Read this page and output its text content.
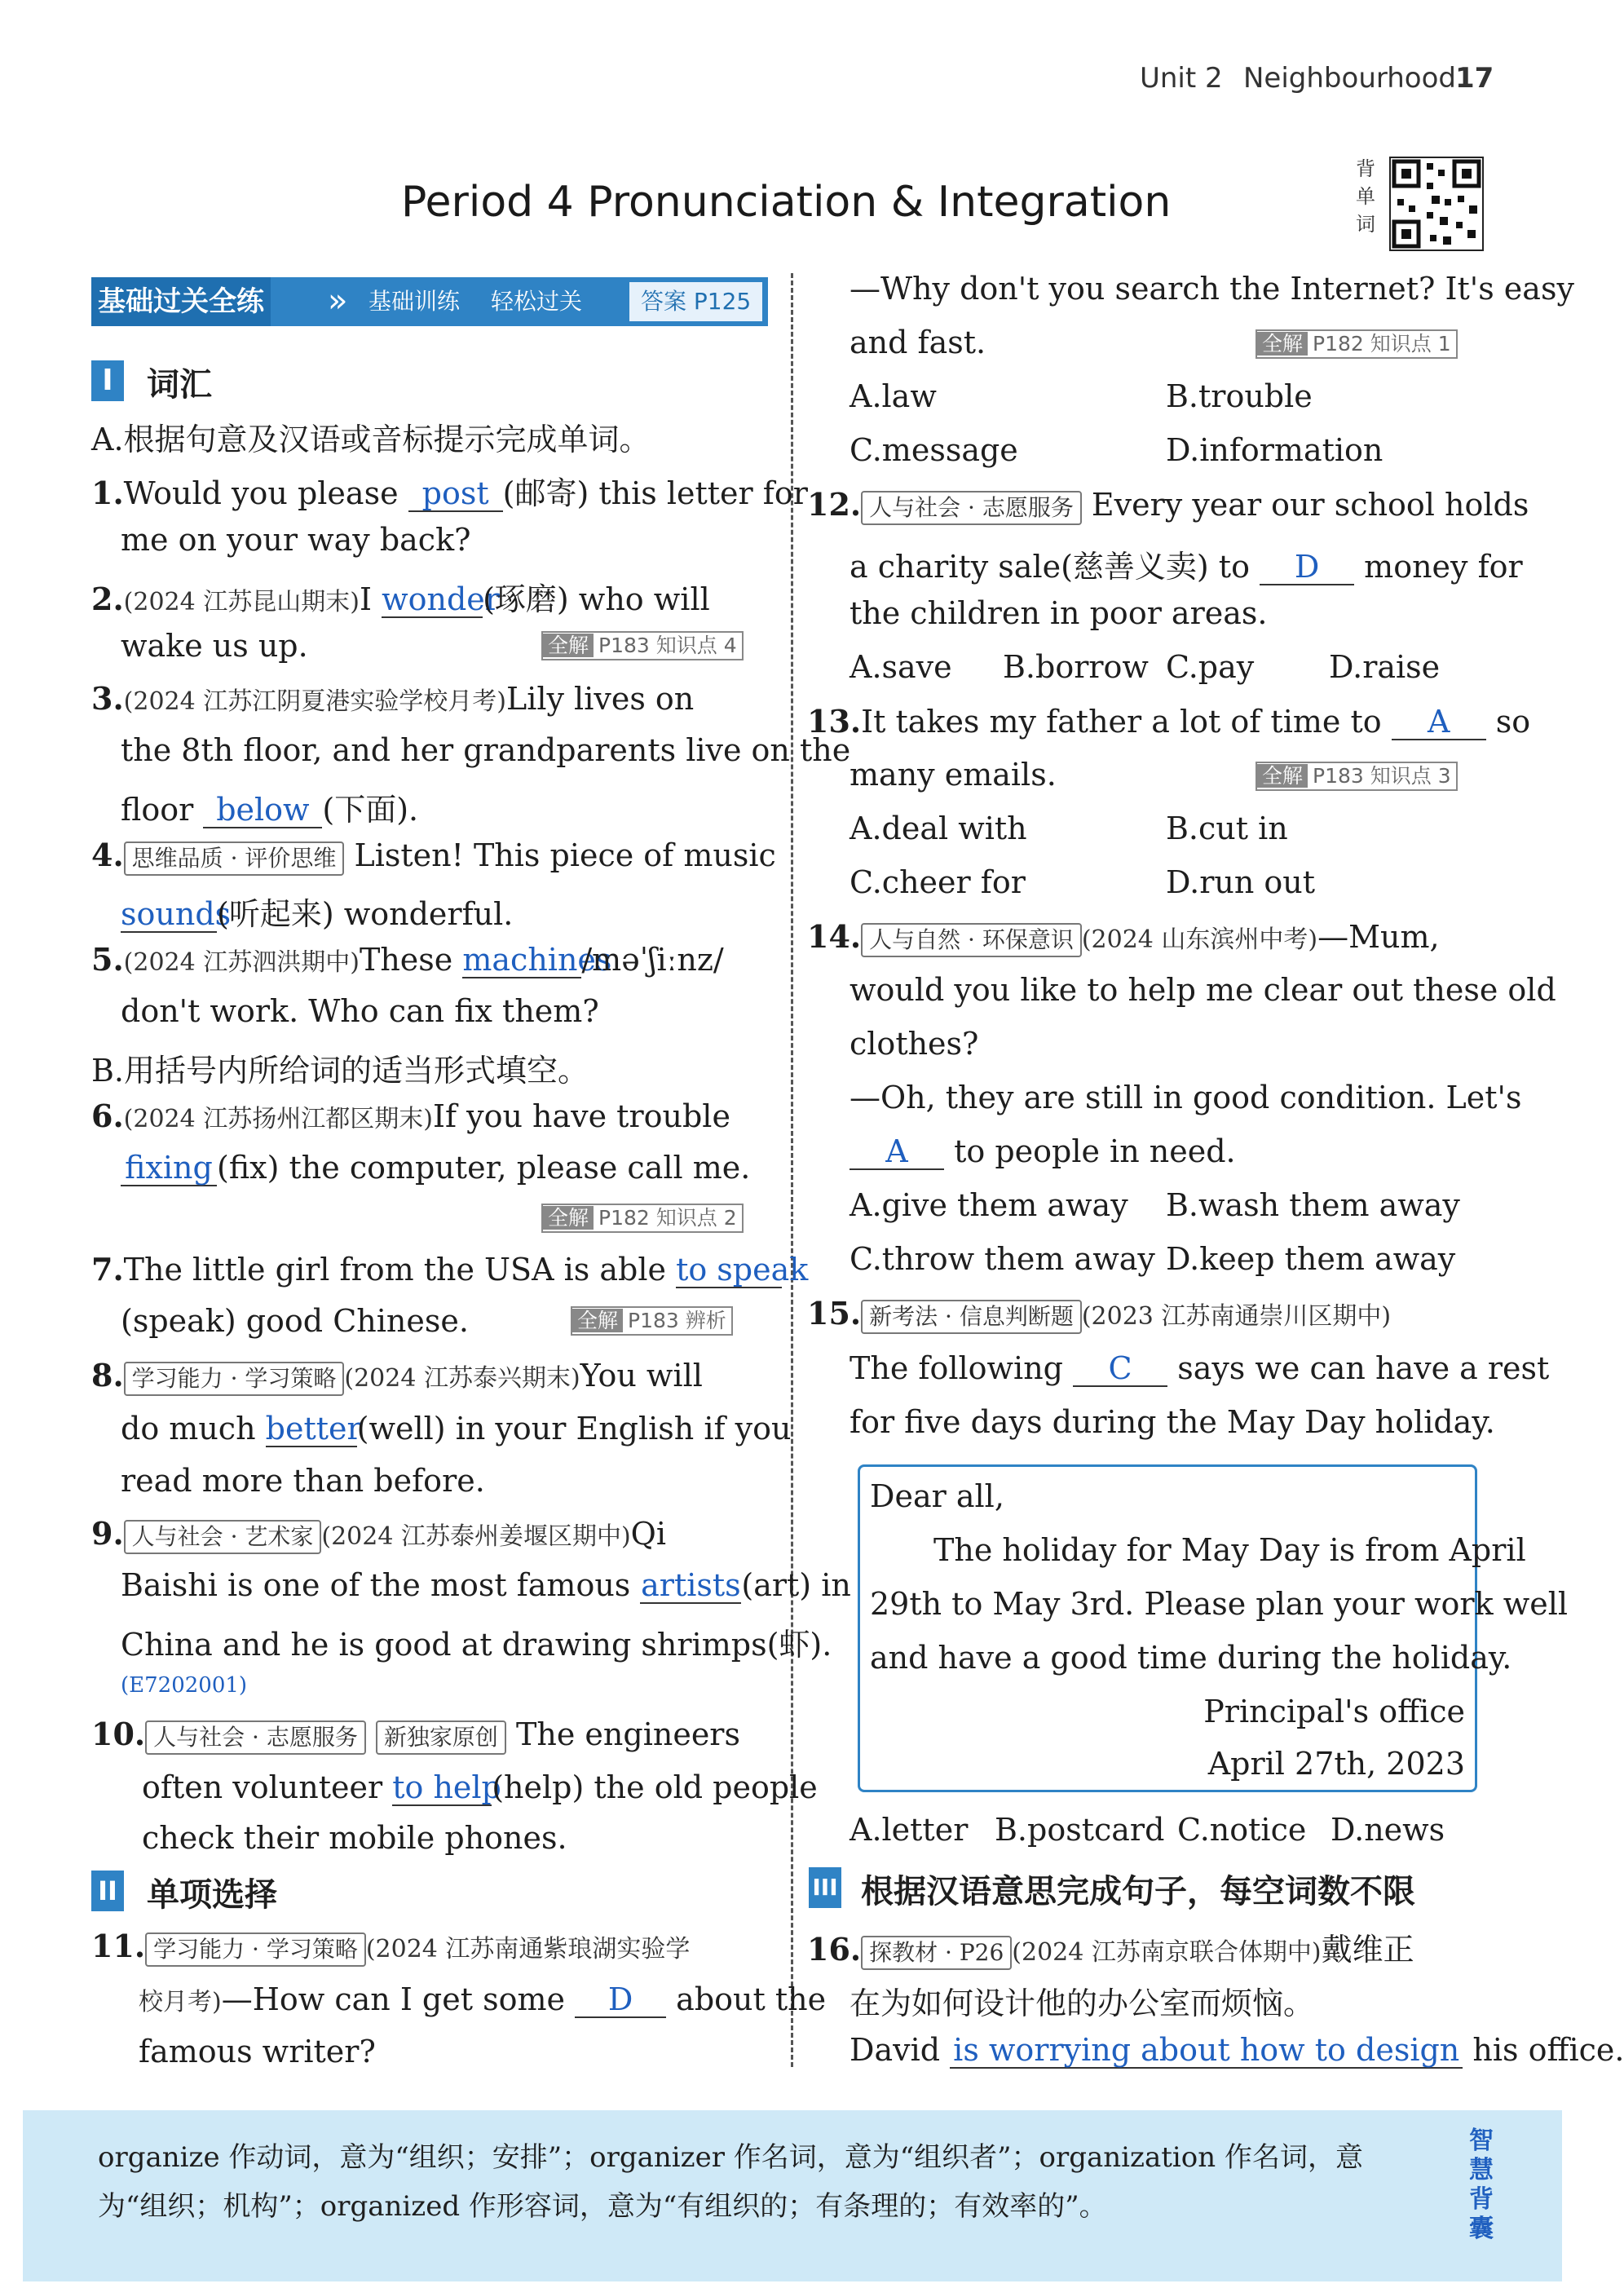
Unit 2 Neighbourhood 17
Period 4 Pronunciation & Integration
背
单
词
基础过关全练 » 基础训练 轻松过关	答案 P125
I	词汇
A.根据句意及汉语或音标提示完成单词。
1.Would you please post (邮寄) this letter for
me on your way back?
2.(2024 江苏昆山期末)I wonder(琢磨) who will
wake us up.	全解 P183 知识点 4
3.(2024 江苏江阴夏港实验学校月考)Lily lives on
the 8th floor, and her grandparents live on the
floor below (下面).
4. 思维品质 · 评价思维 Listen! This piece of music
sounds(听起来) wonderful.
5.(2024 江苏泗洪期中)These machines/məˈʃiːnz/
don't work. Who can fix them?
B.用括号内所给词的适当形式填空。
6.(2024 江苏扬州江都区期末)If you have trouble
fixing (fix) the computer, please call me.
全解 P182 知识点 2
7.The little girl from the USA is able to speak
(speak) good Chinese.	全解 P183 辨析
8. 学习能力 · 学习策略 (2024 江苏泰兴期末)You will
do much better(well) in your English if you
read more than before.
9. 人与社会 · 艺术家 (2024 江苏泰州姜堰区期中)Qi
Baishi is one of the most famous artists(art) in
China and he is good at drawing shrimps(虾).
(E7202001)
10. 人与社会 · 志愿服务 新独家原创 The engineers
often volunteer to help(help) the old people
check their mobile phones.
II 单项选择
11. 学习能力 · 学习策略 (2024 江苏南通紫琅湖实验学
校月考)—How can I get some D about the
famous writer?
—Why don't you search the Internet? It's easy
and fast.	全解 P182 知识点 1
A.law	B.trouble
C.message	D.information
12. 人与社会 · 志愿服务 Every year our school holds
a charity sale(慈善义卖) to D money for
the children in poor areas.
A.save B.borrow C.pay D.raise
13.It takes my father a lot of time to A so
many emails.	全解 P183 知识点 3
A.deal with	B.cut in
C.cheer for	D.run out
14. 人与自然 · 环保意识 (2024 山东滨州中考)—Mum,
would you like to help me clear out these old
clothes?
—Oh, they are still in good condition. Let's
A to people in need.
A.give them away B.wash them away
C.throw them away D.keep them away
15. 新考法 · 信息判断题 (2023 江苏南通崇川区期中)
The following C says we can have a rest
for five days during the May Day holiday.
Dear all,
The holiday for May Day is from April
29th to May 3rd. Please plan your work well
and have a good time during the holiday.
Principal's office
April 27th, 2023
A.letter B.postcard C.notice D.news
III 根据汉语意思完成句子，每空词数不限
16. 探教材 · P26 (2024 江苏南京联合体期中)戴维正
在为如何设计他的办公室而烦恼。
David is worrying about how to design his office.
organize 作动词，意为“组织；安排”；organizer 作名词，意为“组织者”；organization 作名词，意为“组织；机构”；organized 作形容词，意为“有组织的；有条理的；有效率的”。
智
慧
背
囊
